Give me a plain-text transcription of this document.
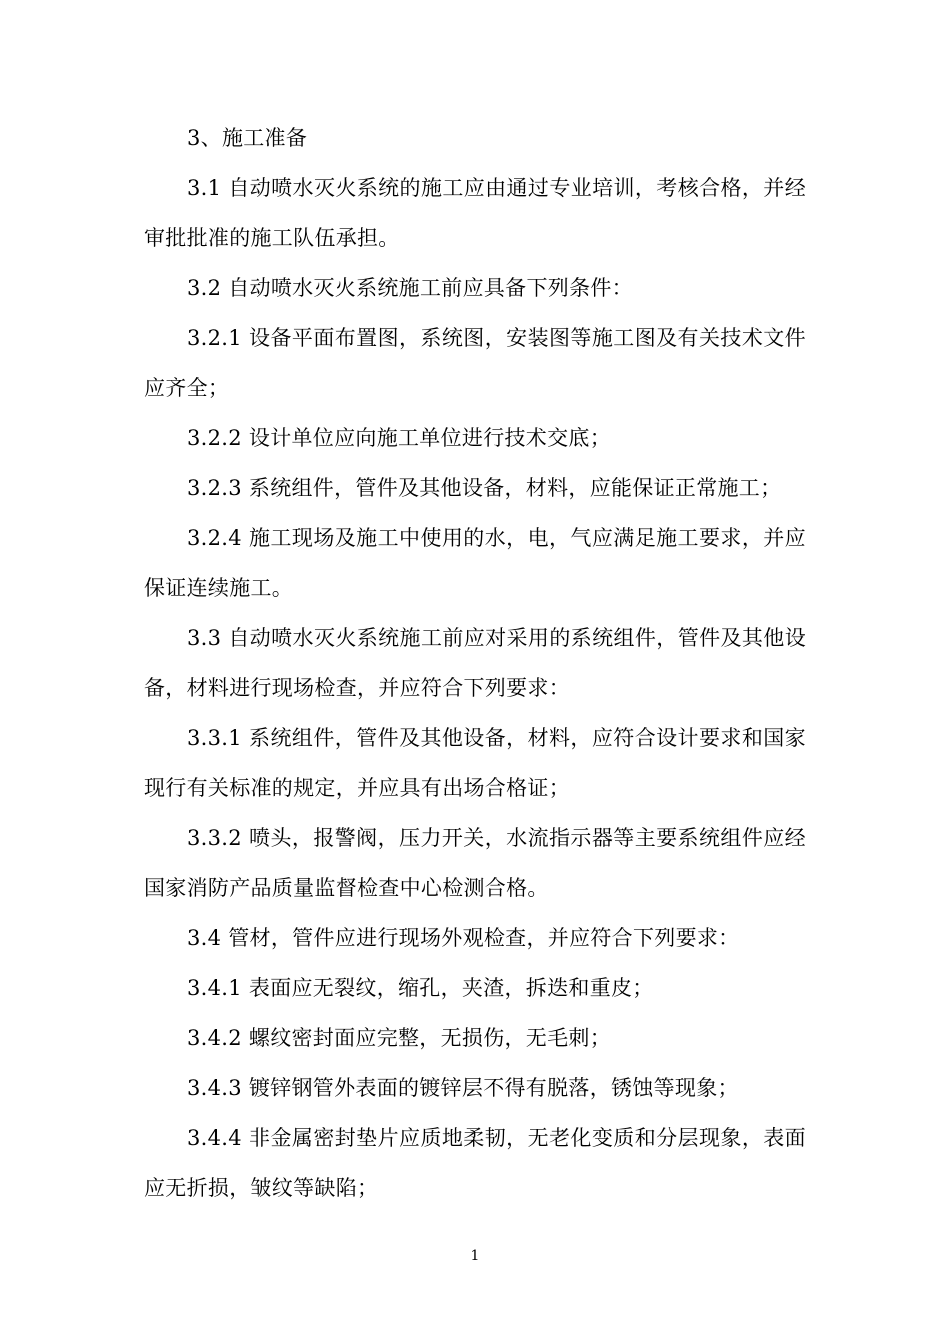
3、施工准备

3.1 自动喷水灭火系统的施工应由通过专业培训，考核合格，并经审批批准的施工队伍承担。

3.2 自动喷水灭火系统施工前应具备下列条件：

3.2.1 设备平面布置图，系统图，安装图等施工图及有关技术文件应齐全；

3.2.2 设计单位应向施工单位进行技术交底；

3.2.3 系统组件，管件及其他设备，材料，应能保证正常施工；

3.2.4 施工现场及施工中使用的水，电，气应满足施工要求，并应保证连续施工。

3.3 自动喷水灭火系统施工前应对采用的系统组件，管件及其他设备，材料进行现场检查，并应符合下列要求：

3.3.1 系统组件，管件及其他设备，材料，应符合设计要求和国家现行有关标准的规定，并应具有出场合格证；

3.3.2 喷头，报警阀，压力开关，水流指示器等主要系统组件应经国家消防产品质量监督检查中心检测合格。

3.4 管材，管件应进行现场外观检查，并应符合下列要求：

3.4.1 表面应无裂纹，缩孔，夹渣，拆迭和重皮；

3.4.2 螺纹密封面应完整，无损伤，无毛刺；

3.4.3 镀锌钢管外表面的镀锌层不得有脱落，锈蚀等现象；

3.4.4 非金属密封垫片应质地柔韧，无老化变质和分层现象，表面应无折损，皱纹等缺陷；

1
